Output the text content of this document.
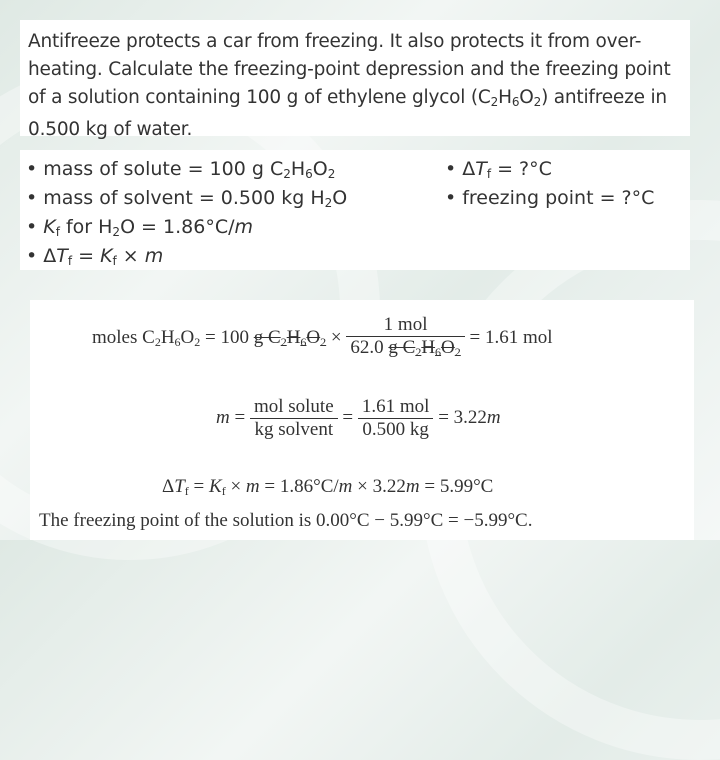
Antifreeze protects a car from freezing. It also protects it from over-heating. Calculate the freezing-point depression and the freezing point of a solution containing 100 g of ethylene glycol $(C_2H_6O_2)$ antifreeze in 0.500 kg of water.

• mass of solute = 100 g $C_2H_6O_2$
• mass of solvent = 0.500 kg $H_2O$
• $K_f$ for $H_2O = 1.86^\circ C/m$
• $\Delta T_f = K_f \times m$
• $\Delta T_f$ = ?°C
• freezing point = ?°C
moles $C_2H_6O_2 = 100$ g $C_2H_6O_2 \times \frac{\text{1 mol}}{62.0 g C_2H_6O_2} = 1.61$ mol
$m = \frac{\text{mol solute}}{\text{kg solvent}} = \frac{\text{1.61 mol}}{0.500 kg} = 3.22m$
$\Delta T_f = K_f \times m = 1.86^\circ C/m \times 3.22m = 5.99^\circ C$
The freezing point of the solution is 0.00°C − 5.99°C = −5.99°C.
